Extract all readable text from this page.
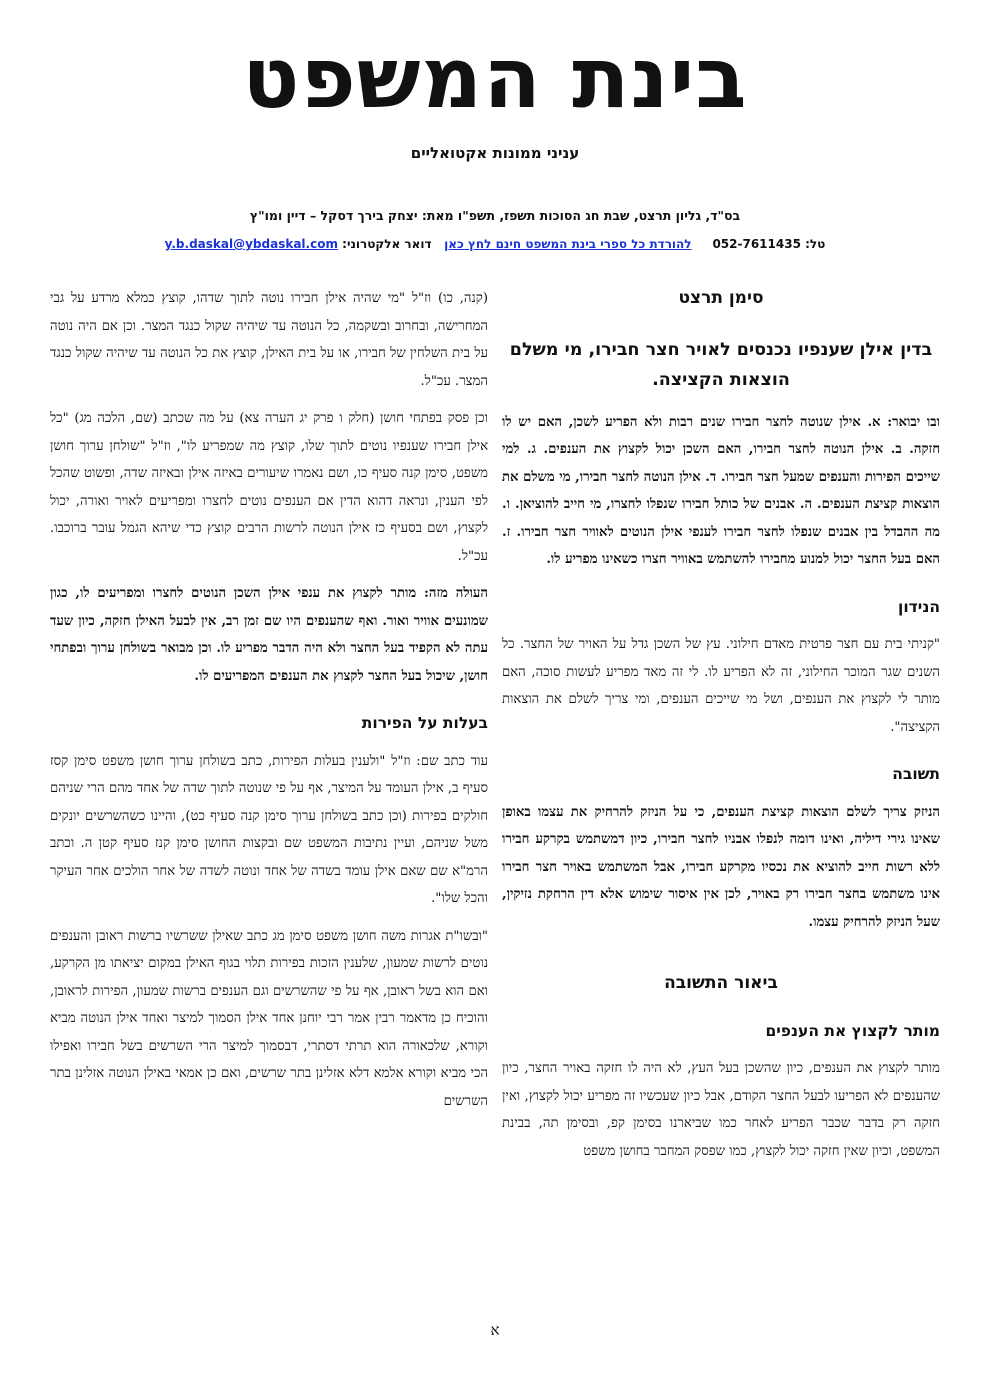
בינת המשפט
עניני ממונות אקטואליים
בס"ד, גליון תרצט, שבת חג הסוכות תשפז, תשפ"ו מאת: יצחק בירך דסקל – דיין ומו"ץ
טל: 052-7611435     להורדת כל ספרי בינת המשפט חינם לחץ כאן   דואר אלקטרוני: y.b.daskal@ybdaskal.com
סימן תרצט
בדין אילן שענפיו נכנסים לאויר חצר חבירו, מי משלם הוצאות הקציצה.

ובו יבואר: א. אילן שנוטה לחצר חבירו שנים רבות ולא הפריע לשכן, האם יש לו חזקה. ב. אילן הנוטה לחצר חבירו, האם השכן יכול לקצוץ את הענפים. ג. למי שייכים הפירות והענפים שמעל חצר חבירו. ד. אילן הנוטה לחצר חבירו, מי משלם את הוצאות קציצת הענפים. ה. אבנים של כותל חבירו שנפלו לחצרו, מי חייב להוציאן. ו. מה ההבדל בין אבנים שנפלו לחצר חבירו לענפי אילן הנוטים לאוויר חצר חבירו. ז. האם בעל החצר יכול למנוע מחבירו להשתמש באוויר חצרו כשאינו מפריע לו.

הנידון

"קניתי בית עם חצר פרטית מאדם חילוני. עץ של השכן גדל על האויר של החצר. כל השנים שגר המוכר החילוני, זה לא הפריע לו. לי זה מאד מפריע לעשות סוכה, האם מותר לי לקצוץ את הענפים, ושל מי שייכים הענפים, ומי צריך לשלם את הוצאות הקציצה".

תשובה

הניזק צריך לשלם הוצאות קציצת הענפים, כי על הניזק להרחיק את עצמו באופן שאינו גירי דיליה, ואינו דומה לנפלו אבניו לחצר חבירו, כיון דמשתמש בקרקע חבירו ללא רשות חייב להוציא את נכסיו מקרקע חבירו, אבל המשתמש באויר חצר חבירו אינו משתמש בחצר חבירו רק באויר, לכן אין איסור שימוש אלא דין הרחקת נזיקין, שעל הניזק להרחיק עצמו.

ביאור התשובה
מותר לקצוץ את הענפים

מותר לקצוץ את הענפים, כיון שהשכן בעל העץ, לא היה לו חזקה באויר החצר, כיון שהענפים לא הפריעו לבעל החצר הקודם, אבל כיון שעכשיו זה מפריע יכול לקצוץ, ואין חזקה רק בדבר שכבר הפריע לאחר כמו שביארנו בסימן קפ, ובסימן תה, בבינת המשפט, וכיון שאין חזקה יכול לקצוץ, כמו שפסק המחבר בחושן משפט

(קנה, כו) וז"ל "מי שהיה אילן חבירו נוטה לתוך שדהו, קוצץ כמלא מרדע על גבי המחרישה, ובחרוב ובשקמה, כל הנוטה עד שיהיה שקול כנגד המצר. וכן אם היה נוטה על בית השלחין של חבירו, או על בית האילן, קוצץ את כל הנוטה עד שיהיה שקול כנגד המצר. עכ"ל.

וכן פסק בפתחי חושן (חלק ו פרק יג הערה צא) על מה שכתב (שם, הלכה מג) "כל אילן חבירו שענפיו נוטים לתוך שלו, קוצץ מה שמפריע לו", וז"ל "שולחן ערוך חושן משפט, סימן קנה סעיף כו, ושם נאמרו שיעורים באיזה אילן ובאיזה שדה, ופשוט שהכל לפי הענין, ונראה דהוא הדין אם הענפים נוטים לחצרו ומפריעים לאויר ואורה, יכול לקצוץ, ושם בסעיף כז אילן הנוטה לרשות הרבים קוצץ כדי שיהא הגמל עובר ברוכבו. עכ"ל.

העולה מזה: מותר לקצוץ את ענפי אילן השכן הנוטים לחצרו ומפריעים לו, כגון שמונעים אוויר ואור. ואף שהענפים היו שם זמן רב, אין לבעל האילן חזקה, כיון שעד עתה לא הקפיד בעל החצר ולא היה הדבר מפריע לו. וכן מבואר בשולחן ערוך ובפתחי חושן, שיכול בעל החצר לקצוץ את הענפים המפריעים לו.

בעלות על הפירות

עוד כתב שם: וז"ל "ולענין בעלות הפירות, כתב בשולחן ערוך חושן משפט סימן קסז סעיף ב, אילן העומד על המיצר, אף על פי שנוטה לתוך שדה של אחד מהם הרי שניהם חולקים בפירות (וכן כתב בשולחן ערוך סימן קנה סעיף כט), והיינו כשהשרשים יונקים משל שניהם, ועיין נתיבות המשפט שם ובקצות החושן סימן קנז סעיף קטן ה. וכתב הרמ"א שם שאם אילן עומד בשדה של אחד ונוטה לשדה של אחר הולכים אחר העיקר והכל שלו".

"ובשו"ת אגרות משה חושן משפט סימן מג כתב שאילן ששרשיו ברשות ראובן והענפים נוטים לרשות שמעון, שלענין הזכות בפירות תלוי בגוף האילן במקום יציאתו מן הקרקע, ואם הוא בשל ראובן, אף על פי שהשרשים וגם הענפים ברשות שמעון, הפירות לראובן, והוכיח כן מדאמר רבין אמר רבי יוחנן אחד אילן הסמוך למיצר ואחד אילן הנוטה מביא וקורא, שלכאורה הוא תרתי דסתרי, דבסמוך למיצר הרי השרשים בשל חבירו ואפילו הכי מביא וקורא אלמא דלא אזלינן בתר שרשים, ואם כן אמאי באילן הנוטה אזלינן בתר השרשים

א
